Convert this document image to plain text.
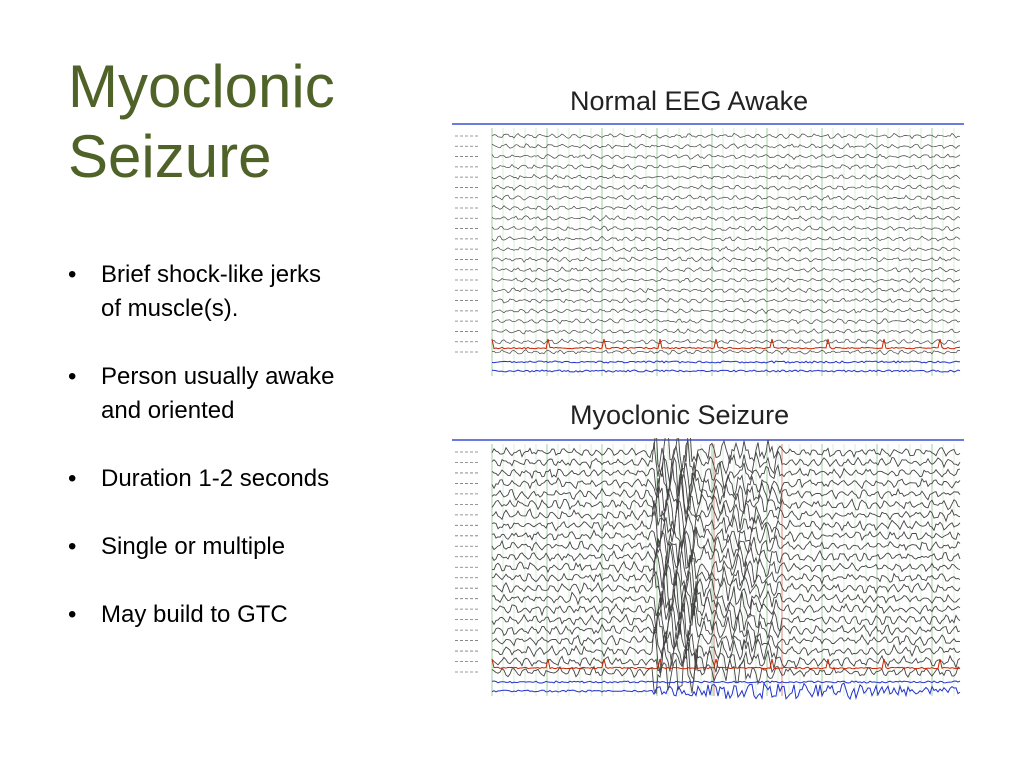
Myoclonic
Seizure
• Brief shock-like jerks
of muscle(s).
• Person usually awake
and oriented
• Duration 1-2 seconds
• Single or multiple
• May build to GTC
Normal EEG Awake
Myoclonic Seizure
